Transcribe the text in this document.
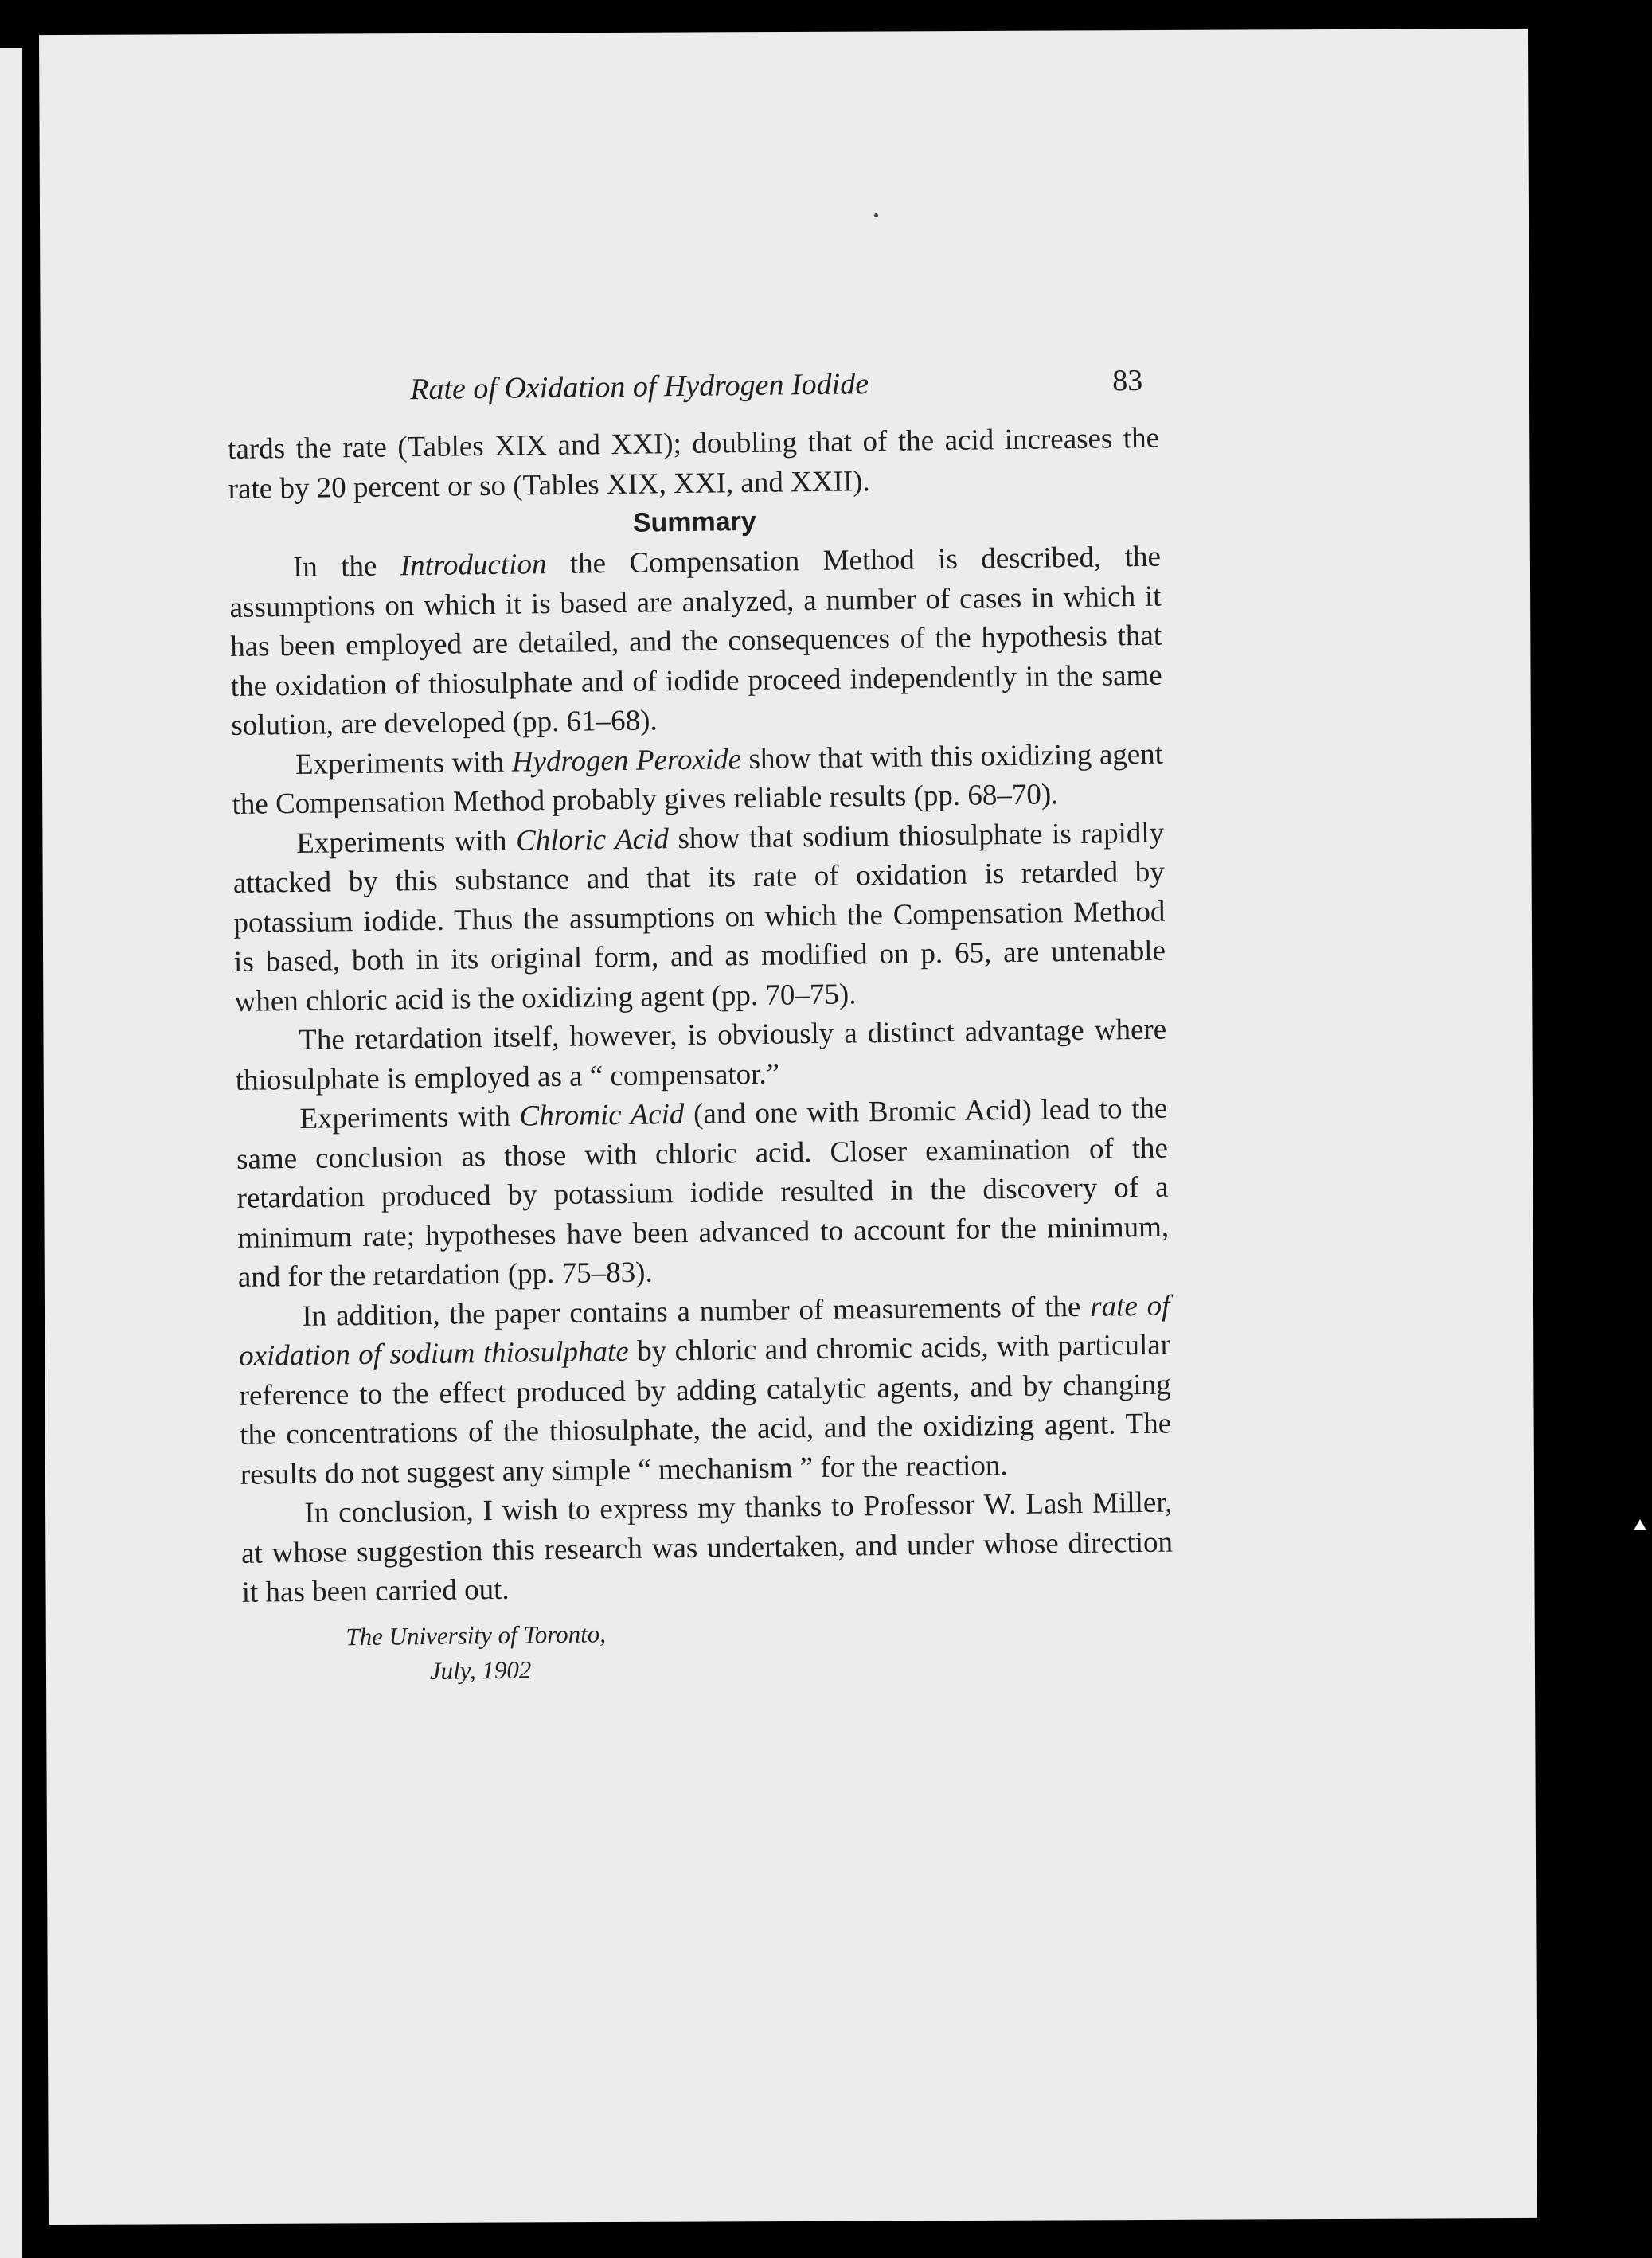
Rate of Oxidation of Hydrogen Iodide	83

tards the rate (Tables XIX and XXI); doubling that of the acid increases the rate by 20 percent or so (Tables XIX, XXI, and XXII).

Summary

In the Introduction the Compensation Method is described, the assumptions on which it is based are analyzed, a number of cases in which it has been employed are detailed, and the consequences of the hypothesis that the oxidation of thiosulphate and of iodide proceed independently in the same solution, are developed (pp. 61–68).

Experiments with Hydrogen Peroxide show that with this oxidizing agent the Compensation Method probably gives reliable results (pp. 68–70).

Experiments with Chloric Acid show that sodium thiosulphate is rapidly attacked by this substance and that its rate of oxidation is retarded by potassium iodide. Thus the assumptions on which the Compensation Method is based, both in its original form, and as modified on p. 65, are untenable when chloric acid is the oxidizing agent (pp. 70–75).

The retardation itself, however, is obviously a distinct advantage where thiosulphate is employed as a “ compensator.”

Experiments with Chromic Acid (and one with Bromic Acid) lead to the same conclusion as those with chloric acid. Closer examination of the retardation produced by potassium iodide resulted in the discovery of a minimum rate; hypotheses have been advanced to account for the minimum, and for the retardation (pp. 75–83).

In addition, the paper contains a number of measurements of the rate of oxidation of sodium thiosulphate by chloric and chromic acids, with particular reference to the effect produced by adding catalytic agents, and by changing the concentrations of the thiosulphate, the acid, and the oxidizing agent. The results do not suggest any simple “ mechanism ” for the reaction.

In conclusion, I wish to express my thanks to Professor W. Lash Miller, at whose suggestion this research was undertaken, and under whose direction it has been carried out.

The University of Toronto,
July, 1902
